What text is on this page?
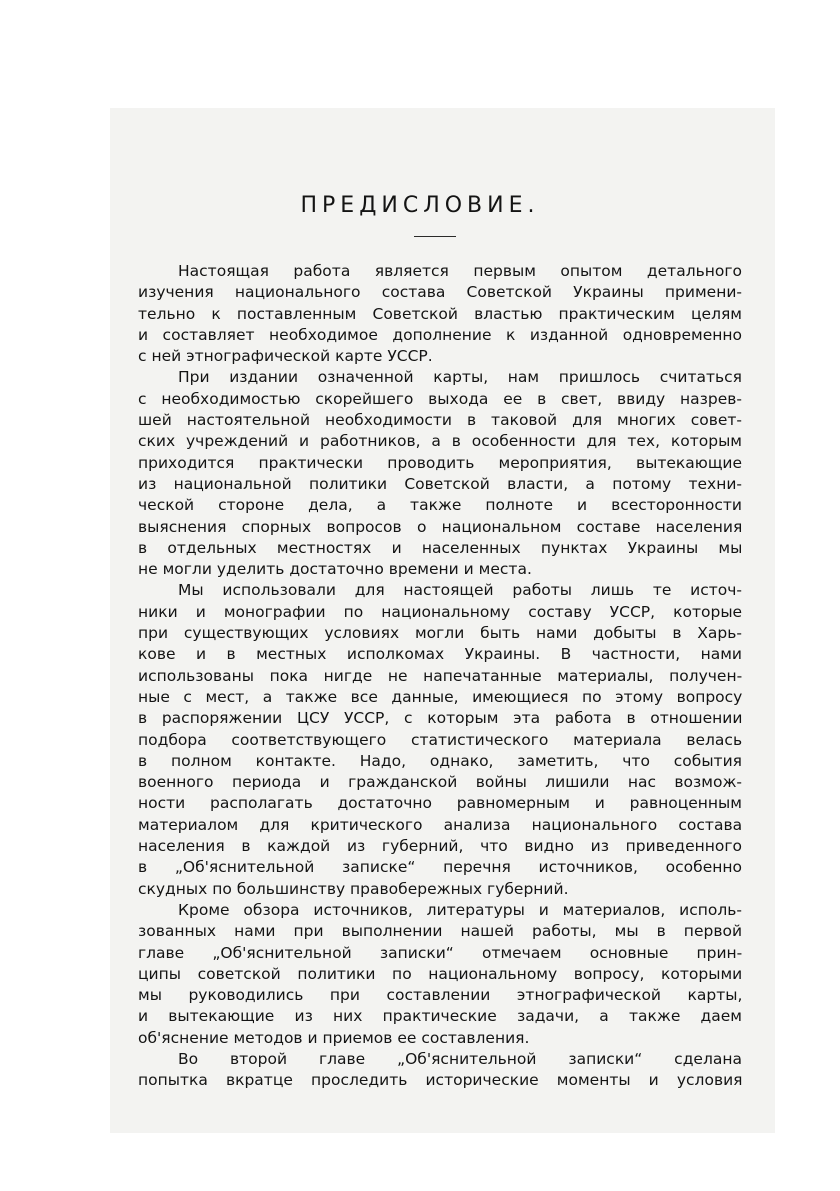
ПРЕДИСЛОВИЕ.
Настоящая работа является первым опытом детального
изучения национального состава Советской Украины примени-
тельно к поставленным Советской властью практическим целям
и составляет необходимое дополнение к изданной одновременно
с ней этнографической карте УССР.
При издании означенной карты, нам пришлось считаться
с необходимостью скорейшего выхода ее в свет, ввиду назрев-
шей настоятельной необходимости в таковой для многих совет-
ских учреждений и работников, а в особенности для тех, которым
приходится практически проводить мероприятия, вытекающие
из национальной политики Советской власти, а потому техни-
ческой стороне дела, а также полноте и всесторонности
выяснения спорных вопросов о национальном составе населения
в отдельных местностях и населенных пунктах Украины мы
не могли уделить достаточно времени и места.
Мы использовали для настоящей работы лишь те источ-
ники и монографии по национальному составу УССР, которые
при существующих условиях могли быть нами добыты в Харь-
кове и в местных исполкомах Украины. В частности, нами
использованы пока нигде не напечатанные материалы, получен-
ные с мест, а также все данные, имеющиеся по этому вопросу
в распоряжении ЦСУ УССР, с которым эта работа в отношении
подбора соответствующего статистического материала велась
в полном контакте. Надо, однако, заметить, что события
военного периода и гражданской войны лишили нас возмож-
ности располагать достаточно равномерным и равноценным
материалом для критического анализа национального состава
населения в каждой из губерний, что видно из приведенного
в „Об'яснительной записке“ перечня источников, особенно
скудных по большинству правобережных губерний.
Кроме обзора источников, литературы и материалов, исполь-
зованных нами при выполнении нашей работы, мы в первой
главе „Об'яснительной записки“ отмечаем основные прин-
ципы советской политики по национальному вопросу, которыми
мы руководились при составлении этнографической карты,
и вытекающие из них практические задачи, а также даем
об'яснение методов и приемов ее составления.
Во второй главе „Об'яснительной записки“ сделана
попытка вкратце проследить исторические моменты и условия
